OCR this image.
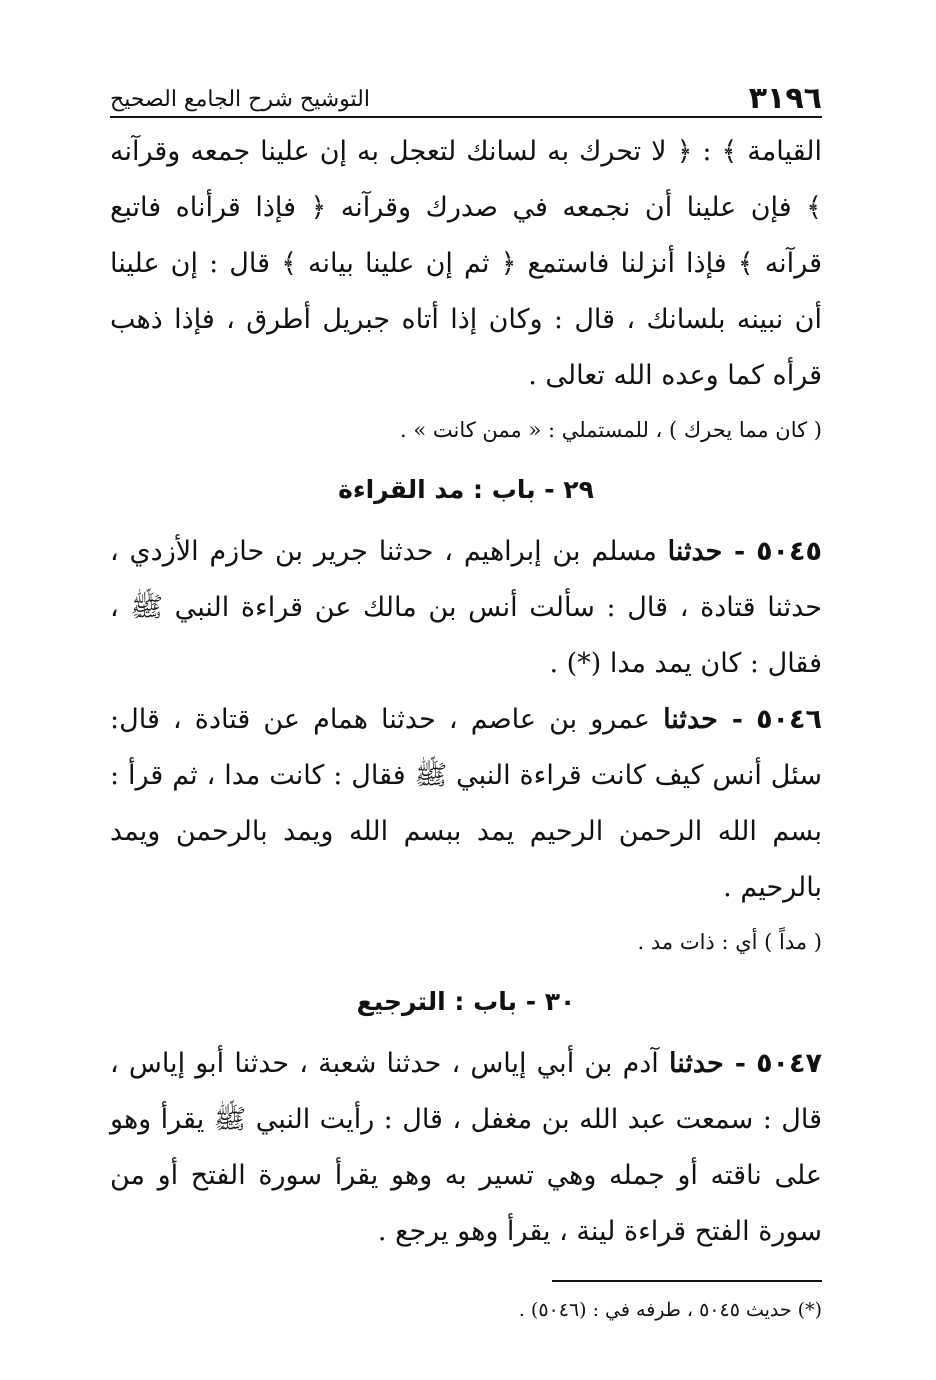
٣١٩٦
التوشيح شرح الجامع الصحيح

القيامة ﴾ : ﴿ لا تحرك به لسانك لتعجل به إن علينا جمعه وقرآنه ﴾ فإن علينا أن نجمعه في صدرك وقرآنه ﴿ فإذا قرأناه فاتبع قرآنه ﴾ فإذا أنزلنا فاستمع ﴿ ثم إن علينا بيانه ﴾ قال : إن علينا أن نبينه بلسانك ، قال : وكان إذا أتاه جبريل أطرق ، فإذا ذهب قرأه كما وعده الله تعالى .

( كان مما يحرك ) ، للمستملي : « ممن كانت » .

٢٩ - باب : مد القراءة

٥٠٤٥ - حدثنا مسلم بن إبراهيم ، حدثنا جرير بن حازم الأزدي ، حدثنا قتادة ، قال : سألت أنس بن مالك عن قراءة النبي ﷺ ، فقال : كان يمد مدا (*) .

٥٠٤٦ - حدثنا عمرو بن عاصم ، حدثنا همام عن قتادة ، قال: سئل أنس كيف كانت قراءة النبي ﷺ فقال : كانت مدا ، ثم قرأ : بسم الله الرحمن الرحيم يمد ببسم الله ويمد بالرحمن ويمد بالرحيم .

( مداً ) أي : ذات مد .

٣٠ - باب : الترجيع

٥٠٤٧ - حدثنا آدم بن أبي إياس ، حدثنا شعبة ، حدثنا أبو إياس ، قال : سمعت عبد الله بن مغفل ، قال : رأيت النبي ﷺ يقرأ وهو على ناقته أو جمله وهي تسير به وهو يقرأ سورة الفتح أو من سورة الفتح قراءة لينة ، يقرأ وهو يرجع .

(*) حديث ٥٠٤٥ ، طرفه في : (٥٠٤٦) .
